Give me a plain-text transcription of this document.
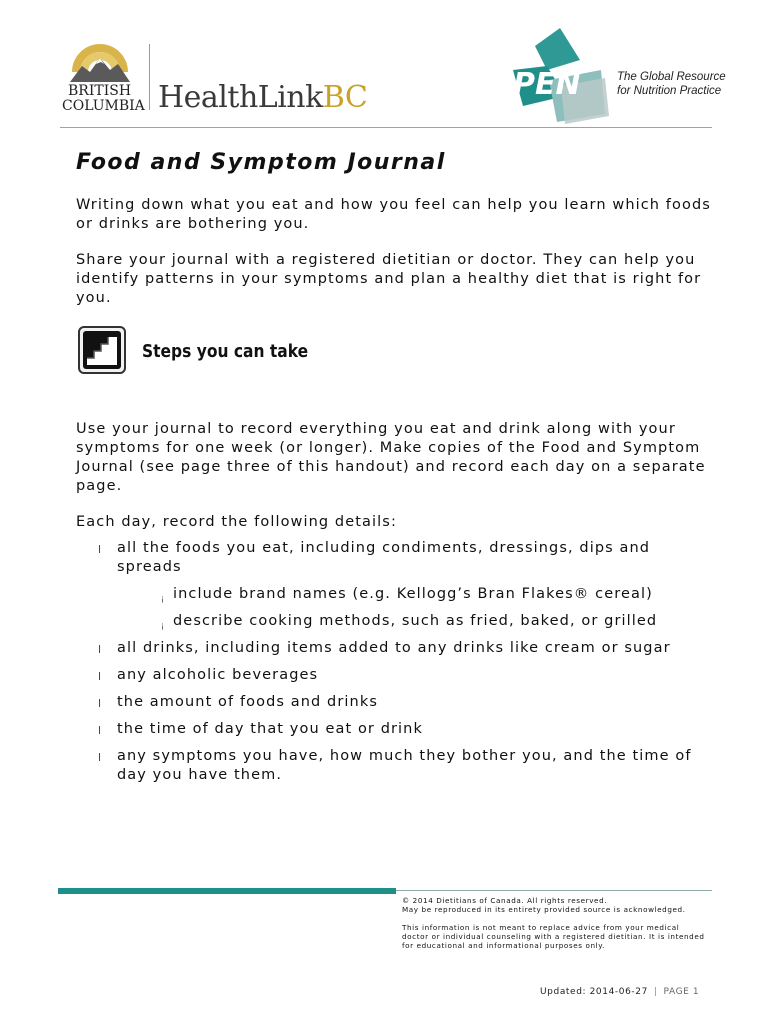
BRITISH
COLUMBIA HealthLinkBC	PEN	The Global Resource
for Nutrition Practice
Food and Symptom Journal

Writing down what you eat and how you feel can help you learn which foods or drinks are bothering you.

Share your journal with a registered dietitian or doctor. They can help you identify patterns in your symptoms and plan a healthy diet that is right for you.

Steps you can take

Use your journal to record everything you eat and drink along with your symptoms for one week (or longer). Make copies of the Food and Symptom Journal (see page three of this handout) and record each day on a separate page.

Each day, record the following details:

l all the foods you eat, including condiments, dressings, dips and spreads
¡ include brand names (e.g. Kellogg’s Bran Flakes® cereal)
¡ describe cooking methods, such as fried, baked, or grilled
l all drinks, including items added to any drinks like cream or sugar
l any alcoholic beverages
l the amount of foods and drinks
l the time of day that you eat or drink
l any symptoms you have, how much they bother you, and the time of day you have them.

© 2014 Dietitians of Canada. All rights reserved.

May be reproduced in its entirety provided source is acknowledged.

This information is not meant to replace advice from your medical doctor or individual counseling with a registered dietitian. It is intended for educational and informational purposes only.

Updated: 2014-06-27 | PAGE 1
